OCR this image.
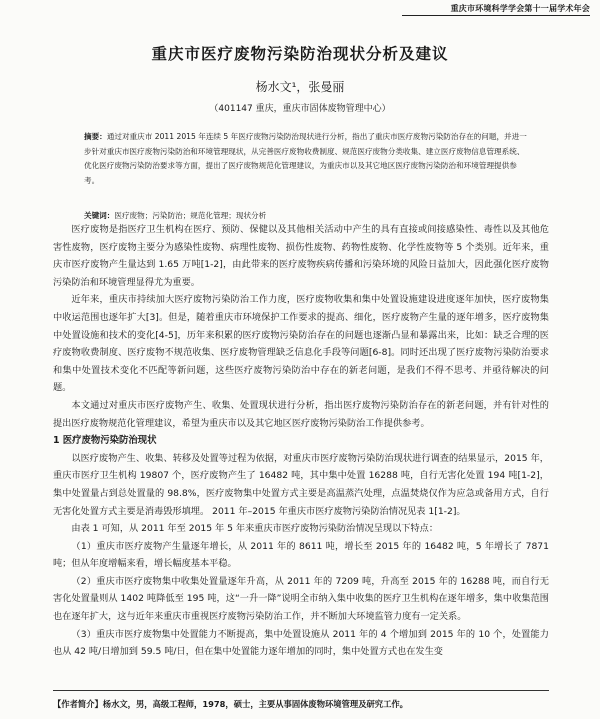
重庆市环境科学学会第十一届学术年会
重庆市医疗废物污染防治现状分析及建议
杨水文¹，张曼丽
（401147 重庆，重庆市固体废物管理中心）
摘要：通过对重庆市 2011 2015 年连续 5 年医疗废物污染防治现状进行分析，指出了重庆市医疗废物污染防治存在的问题，并进一步针对重庆市医疗废物污染防治和环境管理现状，从完善医疗废物收费制度、规范医疗废物分类收集、建立医疗废物信息管理系统、优化医疗废物污染防治要求等方面，提出了医疗废物规范化管理建议，为重庆市以及其它地区医疗废物污染防治和环境管理提供参考。
关键词：医疗废物；污染防治；规范化管理；现状分析

医疗废物是指医疗卫生机构在医疗、预防、保健以及其他相关活动中产生的具有直接或间接感染性、毒性以及其他危害性废物，医疗废物主要分为感染性废物、病理性废物、损伤性废物、药物性废物、化学性废物等 5 个类别。近年来，重庆市医疗废物产生量达到 1.65 万吨[1-2]，由此带来的医疗废物疾病传播和污染环境的风险日益加大，因此强化医疗废物污染防治和环境管理显得尤为重要。

近年来，重庆市持续加大医疗废物污染防治工作力度，医疗废物收集和集中处置设施建设进度逐年加快，医疗废物集中收运范围也逐年扩大[3]。但是，随着重庆市环境保护工作要求的提高、细化，医疗废物产生量的逐年增多，医疗废物集中处置设施和技术的变化[4-5]，历年来积累的医疗废物污染防治存在的问题也逐渐凸显和暴露出来，比如：缺乏合理的医疗废物收费制度、医疗废物不规范收集、医疗废物管理缺乏信息化手段等问题[6-8]。同时还出现了医疗废物污染防治要求和集中处置技术变化不匹配等新问题，这些医疗废物污染防治中存在的新老问题，是我们不得不思考、并亟待解决的问题。

本文通过对重庆市医疗废物产生、收集、处置现状进行分析，指出医疗废物污染防治存在的新老问题，并有针对性的提出医疗废物规范化管理建议，希望为重庆市以及其它地区医疗废物污染防治工作提供参考。

1 医疗废物污染防治现状

以医疗废物产生、收集、转移及处置等过程为依据，对重庆市医疗废物污染防治现状进行调查的结果显示，2015 年，重庆市医疗卫生机构 19807 个，医疗废物产生了 16482 吨，其中集中处置 16288 吨，自行无害化处置 194 吨[1-2]，集中处置量占到总处置量的 98.8%，医疗废物集中处置方式主要是高温蒸汽处理，点温焚烧仅作为应急或备用方式，自行无害化处置方式主要是消毒毁形填埋。 2011 年–2015 年重庆市医疗废物污染防治情况见表 1[1-2]。

由表 1 可知，从 2011 年至 2015 年 5 年来重庆市医疗废物污染防治情况呈现以下特点：

（1）重庆市医疗废物产生量逐年增长，从 2011 年的 8611 吨，增长至 2015 年的 16482 吨，5 年增长了 7871 吨；但从年度增幅来看，增长幅度基本平稳。

（2）重庆市医疗废物集中收集处置量逐年升高，从 2011 年的 7209 吨，升高至 2015 年的 16288 吨，而自行无害化处置量则从 1402 吨降低至 195 吨，这“一升一降”说明全市纳入集中收集的医疗卫生机构在逐年增多，集中收集范围也在逐年扩大，这与近年来重庆市重视医疗废物污染防治工作，并不断加大环境监管力度有一定关系。

（3）重庆市医疗废物集中处置能力不断提高，集中处置设施从 2011 年的 4 个增加到 2015 年的 10 个，处置能力也从 42 吨/日增加到 59.5 吨/日，但在集中处置能力逐年增加的同时，集中处置方式也在发生变

【作者简介】杨水文，男，高级工程师，1978，硕士，主要从事固体废物环境管理及研究工作。
